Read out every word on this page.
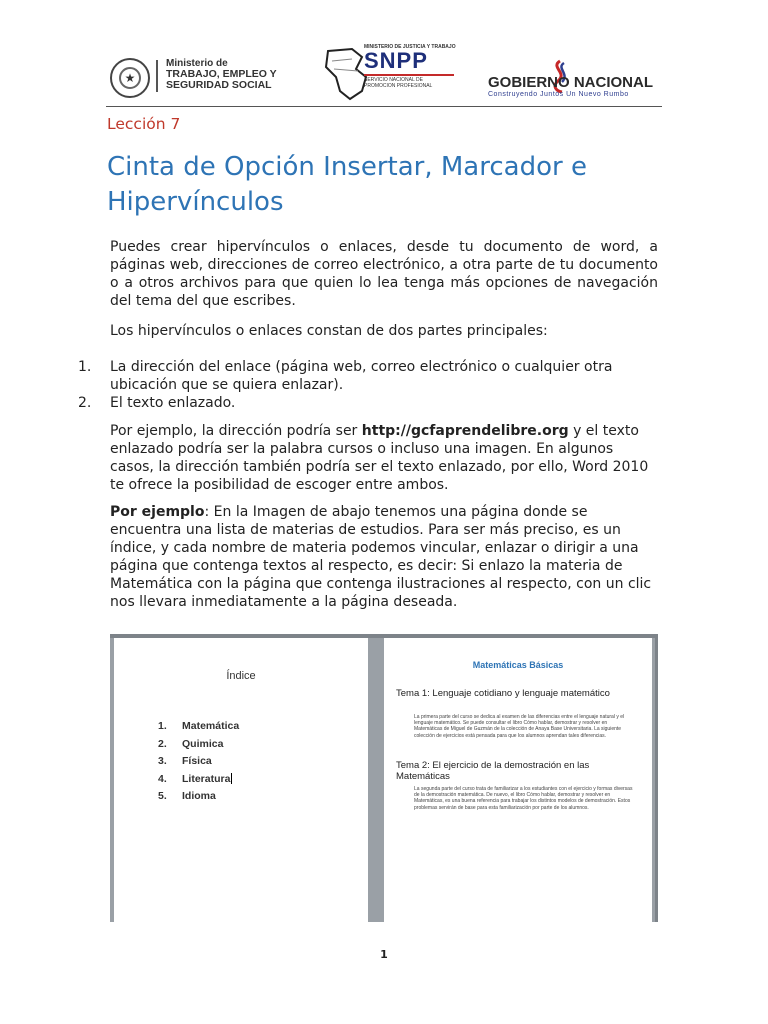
★
Ministerio de
TRABAJO, EMPLEO Y
SEGURIDAD SOCIAL
MINISTERIO DE JUSTICIA Y TRABAJO
SNPP
SERVICIO NACIONAL DE
PROMOCION PROFESIONAL	GOBIERNO NACIONAL
Construyendo Juntos Un Nuevo Rumbo
Lección 7
Cinta de Opción Insertar, Marcador e Hipervínculos
Puedes crear hipervínculos o enlaces, desde tu documento de word, a páginas web, direcciones de correo electrónico, a otra parte de tu documento o a otros archivos para que quien lo lea tenga más opciones de navegación del tema del que escribes.
Los hipervínculos o enlaces constan de dos partes principales:
1. La dirección del enlace (página web, correo electrónico o cualquier otra ubicación que se quiera enlazar).
2. El texto enlazado.
Por ejemplo, la dirección podría ser http://gcfaprendelibre.org y el texto enlazado podría ser la palabra cursos o incluso una imagen. En algunos casos, la dirección también podría ser el texto enlazado, por ello, Word 2010 te ofrece la posibilidad de escoger entre ambos.
Por ejemplo: En la Imagen de abajo tenemos una página donde se encuentra una lista de materias de estudios. Para ser más preciso, es un índice, y cada nombre de materia podemos vincular, enlazar o dirigir a una página que contenga textos al respecto, es decir: Si enlazo la materia de Matemática con la página que contenga ilustraciones al respecto, con un clic nos llevara inmediatamente a la página deseada.
Índice
1. Matemática
2. Quimica
3. Física
4. Literatura
5. Idioma
Matemáticas Básicas
Tema 1: Lenguaje cotidiano y lenguaje matemático
La primera parte del curso se dedica al examen de las diferencias entre el lenguaje natural y el lenguaje matemático. Se puede consultar el libro Cómo hablar, demostrar y resolver en Matemáticas de Miguel de Guzmán de la colección de Anaya Base Universitaria. La siguiente colección de ejercicios está pensada para que los alumnos aprendan tales diferencias.
Tema 2: El ejercicio de la demostración en las Matemáticas
La segunda parte del curso trata de familiarizar a los estudiantes con el ejercicio y formas diversas de la demostración matemática. De nuevo, el libro Cómo hablar, demostrar y resolver en Matemáticas, es una buena referencia para trabajar los distintos modelos de demostración. Estos problemas servirán de base para esta familiarización por parte de los alumnos.
1
